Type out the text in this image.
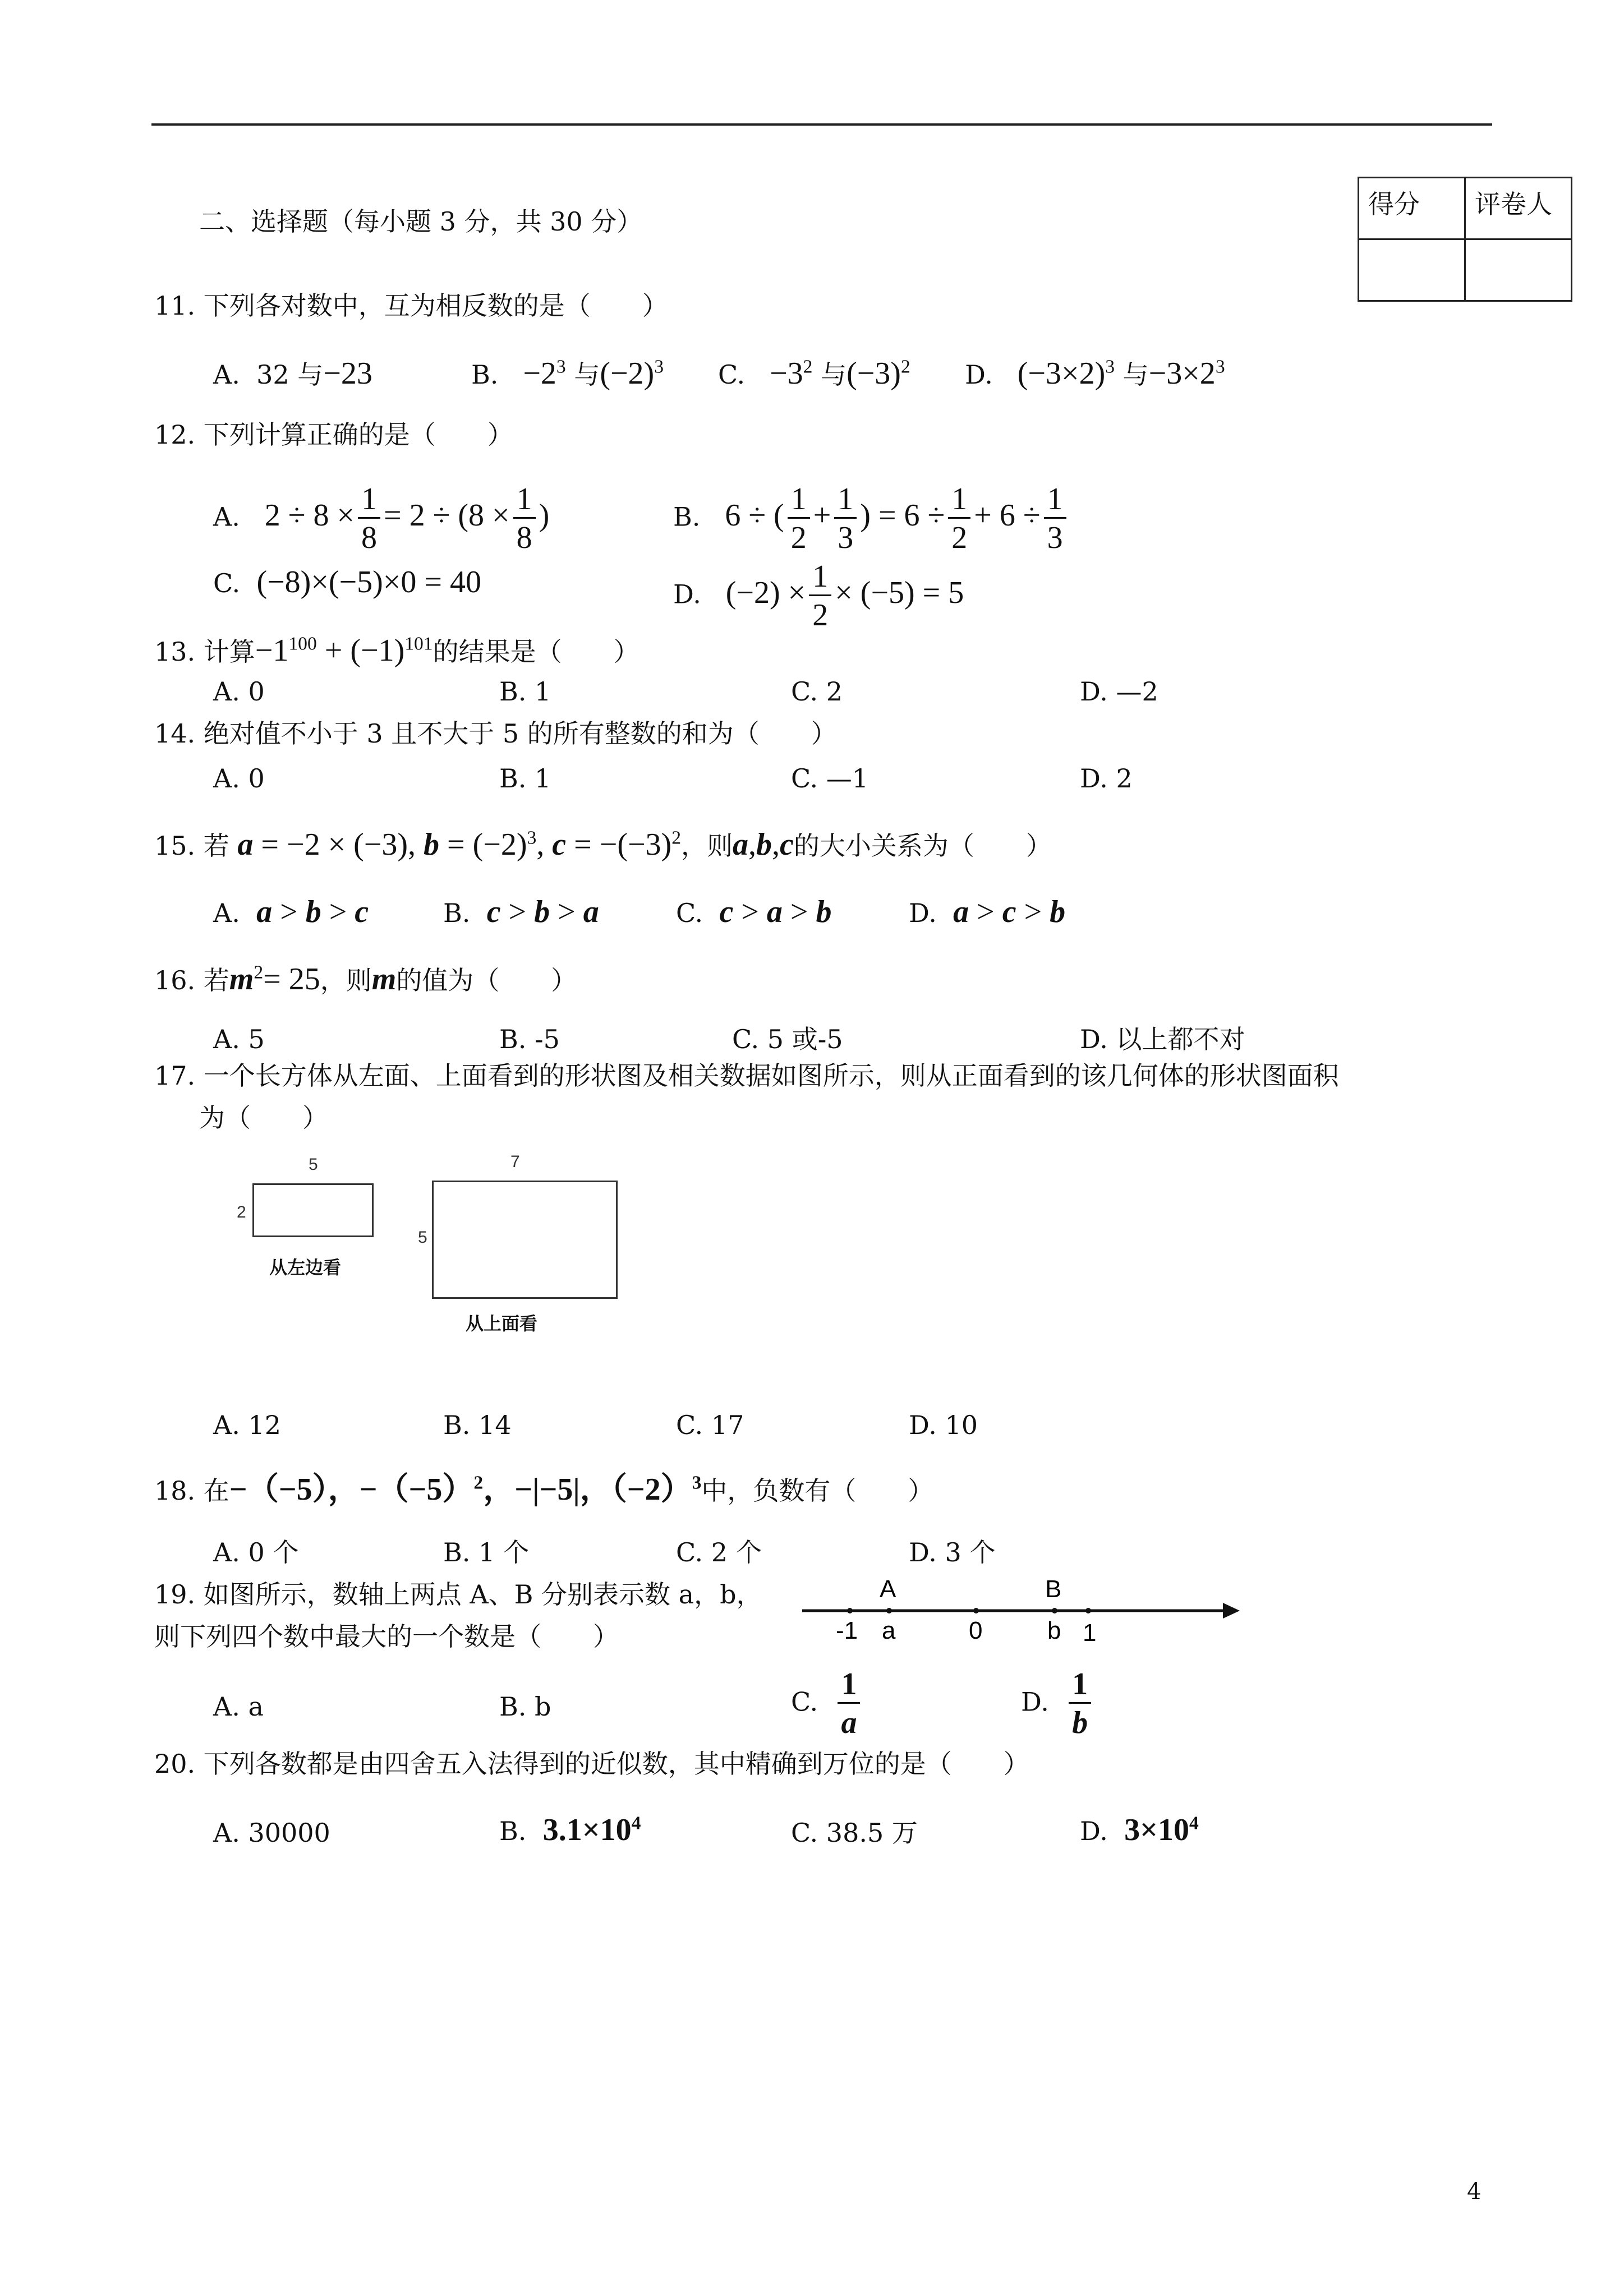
二、选择题（每小题 3 分，共 30 分）
得分	评卷人

11. 下列各对数中，互为相反数的是（　　）
A. 32 与−23	B. $-2^3$ 与$(-2)^3$ C. $-3^2$ 与$(-3)^2$ D. $(-3\times 2)^3$ 与$-3\times 2^3$
12. 下列计算正确的是（　　）
A. $2 \div 8 \times \frac{1}{8} = 2 \div (8 \times \frac{1}{8}$ )	B. 6 ÷ ( $\frac{1}{2} + \frac{1}{3}$ ) = $6 \div \frac{1}{2} + 6 \div \frac{1}{3}$
C. (−8)×(−5)×0 = 40	D. $(-2) \times \frac{1}{2} \times (-5) = 5$
13. 计算$-1^{100} + (-1)^{101}$的结果是（　　）
A. 0	B. 1	C. 2	D. —2
14. 绝对值不小于 3 且不大于 5 的所有整数的和为（　　）
A. 0	B. 1	C. —1	D. 2
15. 若 a = −2 × (−3), $b = (-2)^3$, $c = -(-3)^2$，则a,b,c的大小关系为（　　）
A. a > b > c	B. c > b > a	C. c > a > b	D. a > c > b
16. 若$m^2= 25$，则m的值为（　　）
A. 5	B. -5	C. 5 或-5	D. 以上都不对
17. 一个长方体从左面、上面看到的形状图及相关数据如图所示，则从正面看到的该几何体的形状图面积
为（　　）
5
2
从左边看
7
5
从上面看
A. 12	B. 14	C. 17	D. 10
18. 在−（−5），$-(-5)^2$，−|−5|，$(-2)^3$中，负数有（　　）
A. 0 个	B. 1 个	C. 2 个	D. 3 个
19. 如图所示，数轴上两点 A、B 分别表示数 a，b，
则下列四个数中最大的一个数是（　　）
A	B
-1 a	0	b 1
A. a	B. b	C. $\frac{1}{a}$	D. $\frac{1}{b}$
20. 下列各数都是由四舍五入法得到的近似数，其中精确到万位的是（　　）
A. 30000	B. $3.1\times 10^4$	C. 38.5 万	D. $3\times 10^4$
4
